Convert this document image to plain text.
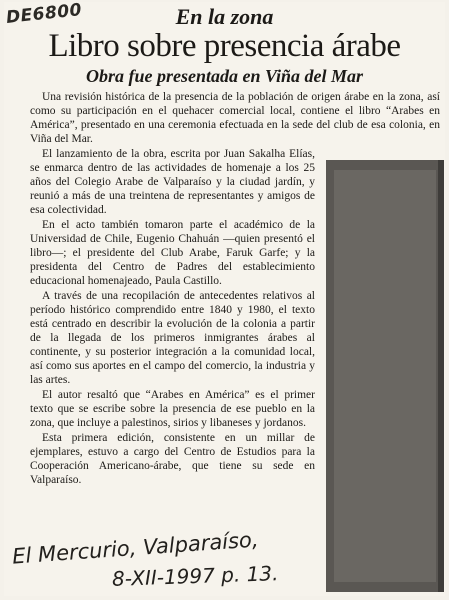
DE6800	En la zona
Libro sobre presencia árabe
Obra fue presentada en Viña del Mar

Una revisión histórica de la presencia de la población de origen árabe en la zona, así como su participación en el quehacer comercial local, contiene el libro “Arabes en América”, presentado en una ceremonia efectuada en la sede del club de esa colonia, en Viña del Mar.

El lanzamiento de la obra, escrita por Juan Sakalha Elías, se enmarca dentro de las actividades de homenaje a los 25 años del Colegio Arabe de Valparaíso y la ciudad jardín, y reunió a más de una treintena de representantes y amigos de esa colectividad.

En el acto también tomaron parte el académico de la Universidad de Chile, Eugenio Chahuán —quien presentó el libro—; el presidente del Club Arabe, Faruk Garfe; y la presidenta del Centro de Padres del establecimiento educacional homenajeado, Paula Castillo.

A través de una recopilación de antecedentes relativos al período histórico comprendido entre 1840 y 1980, el texto está centrado en describir la evolución de la colonia a partir de la llegada de los primeros inmigrantes árabes al continente, y su posterior integración a la comunidad local, así como sus aportes en el campo del comercio, la industria y las artes.

El autor resaltó que “Arabes en América” es el primer texto que se escribe sobre la presencia de ese pueblo en la zona, que incluye a palestinos, sirios y libaneses y jordanos.

Esta primera edición, consistente en un millar de ejemplares, estuvo a cargo del Centro de Estudios para la Cooperación Americano-árabe, que tiene su sede en Valparaíso.

El Mercurio, Valparaíso,
8-XII-1997 p. 13.
